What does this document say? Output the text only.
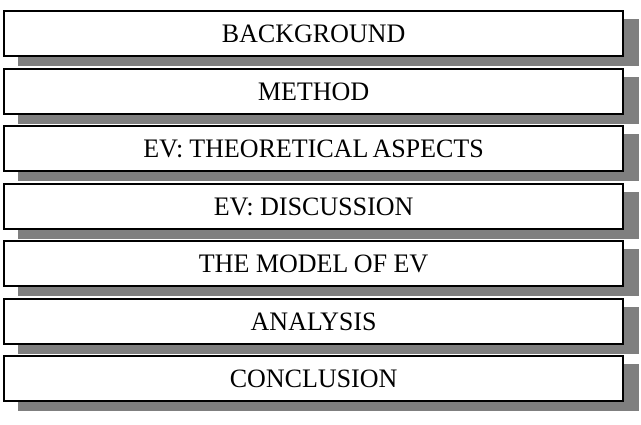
BACKGROUND
METHOD
EV: THEORETICAL ASPECTS
EV: DISCUSSION
THE MODEL OF EV
ANALYSIS
CONCLUSION
